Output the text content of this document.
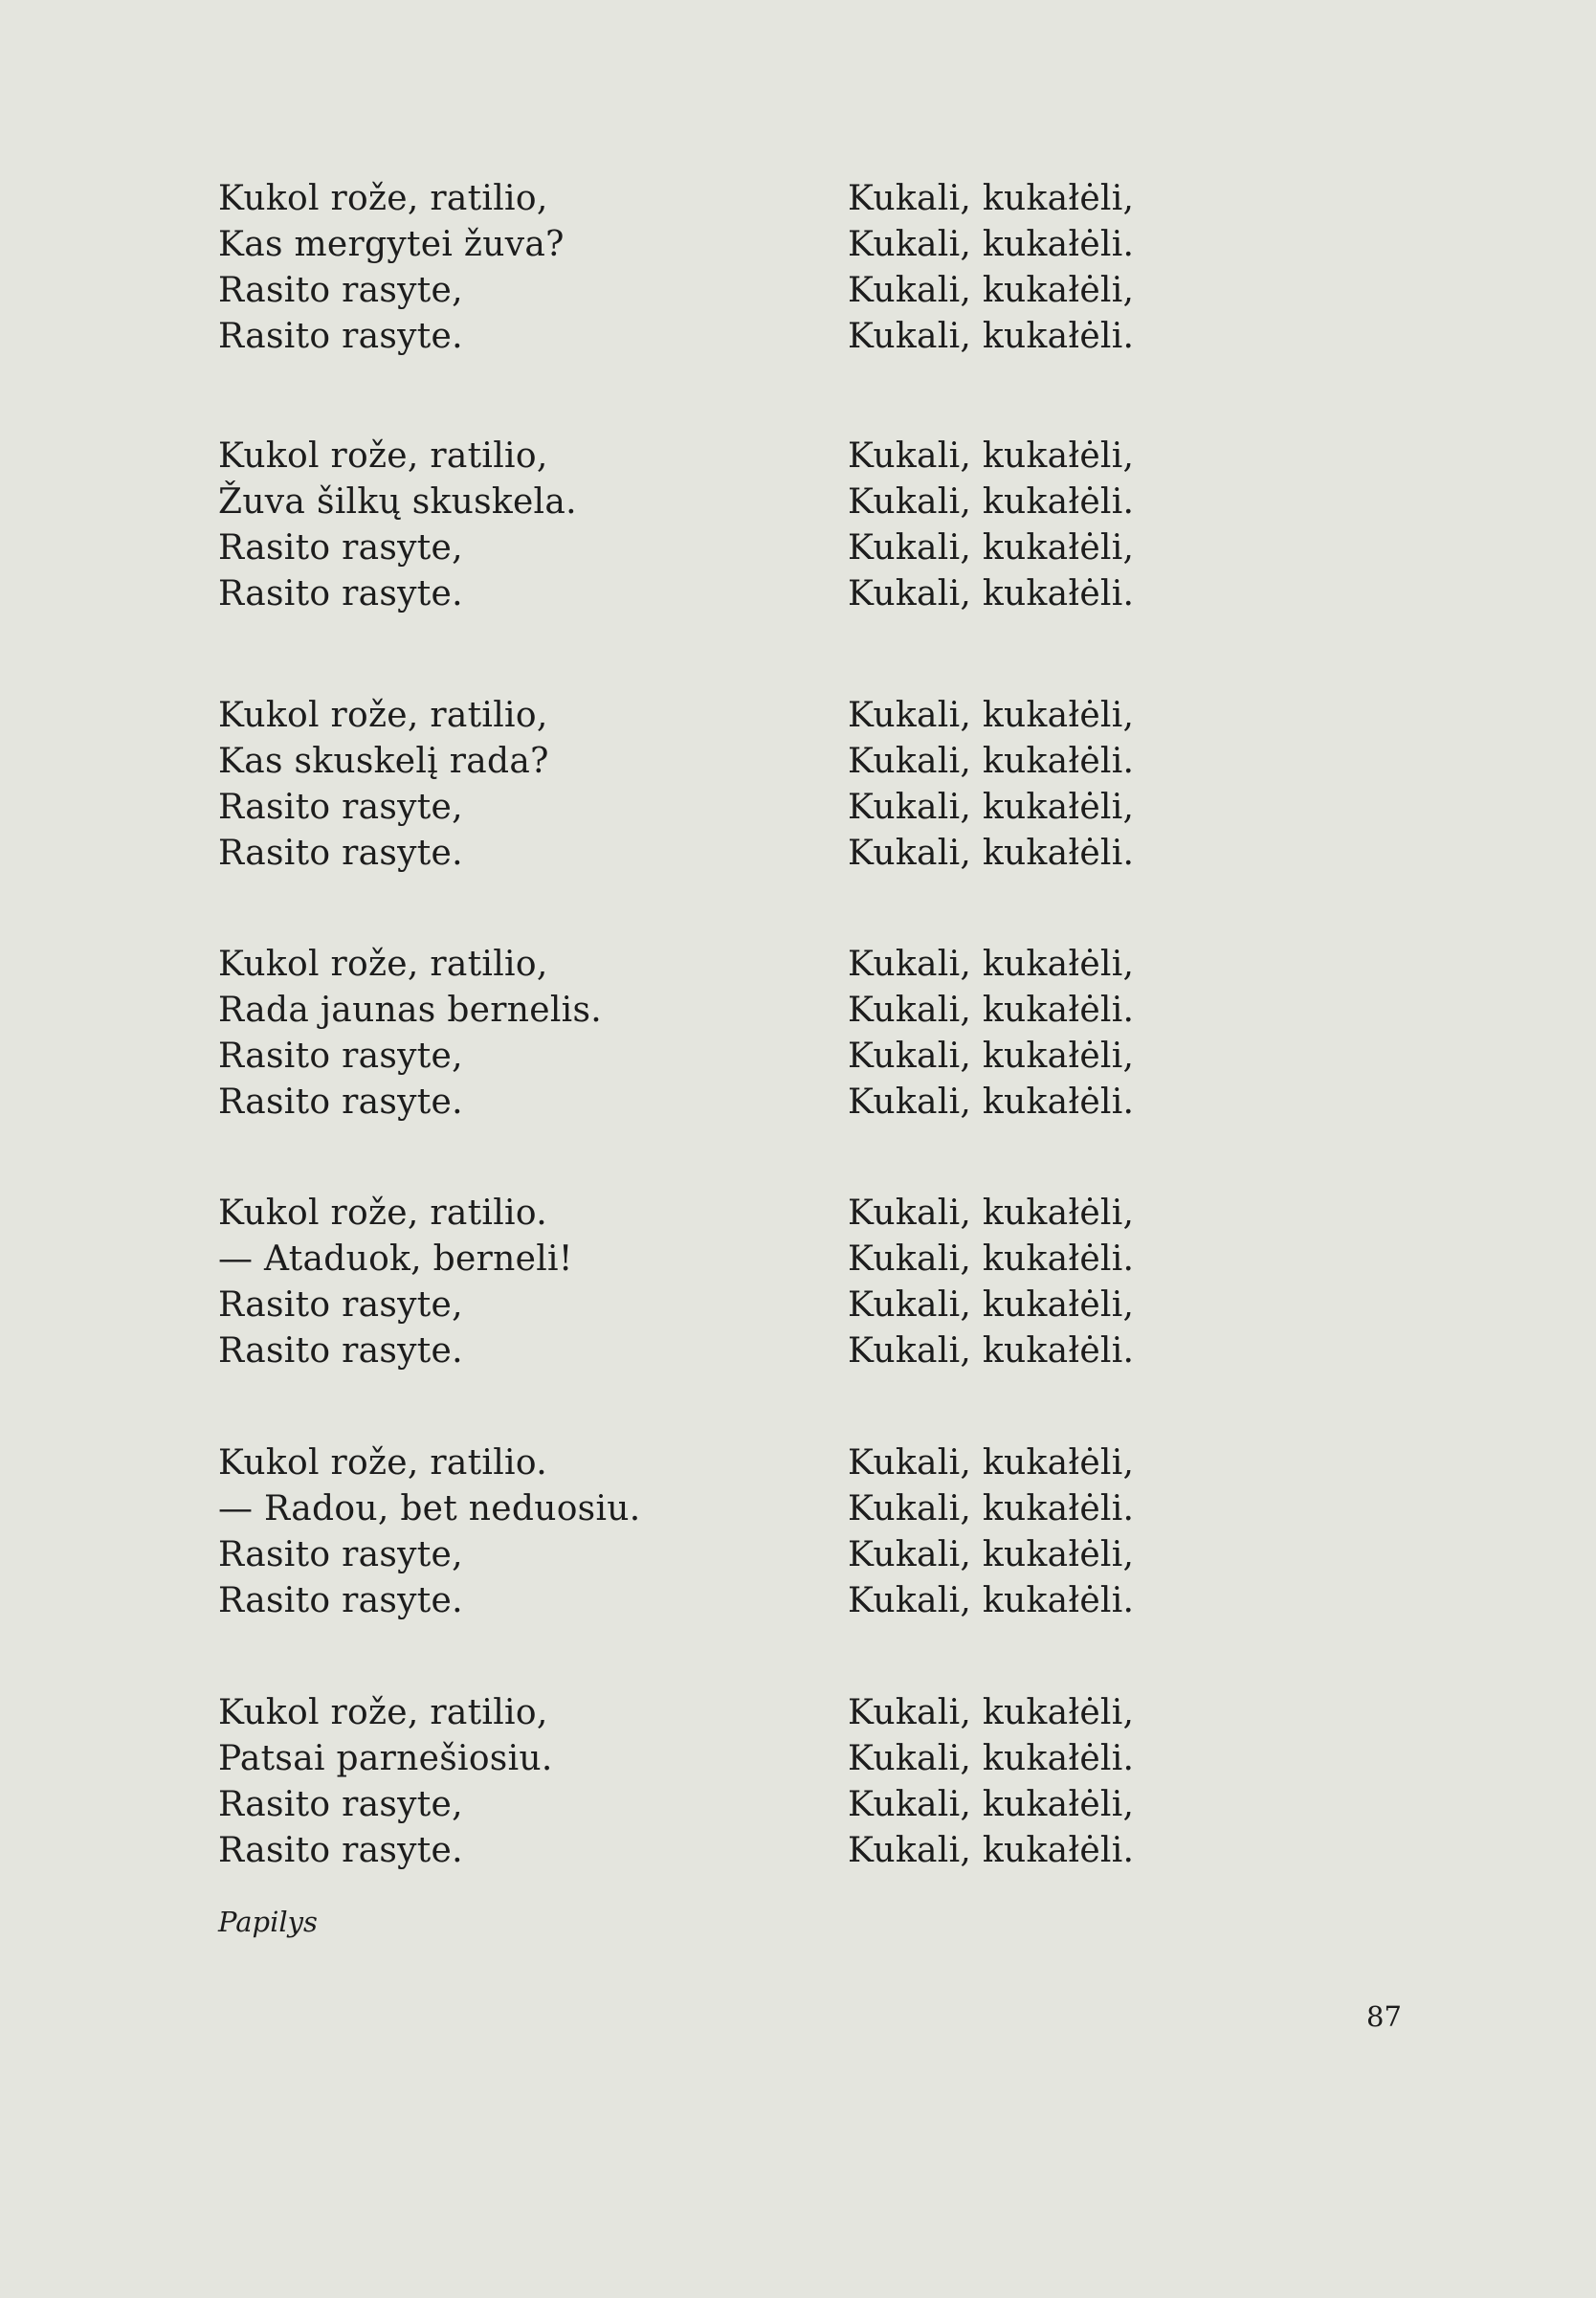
Kukol rože, ratilio,
Kas mergytei žuva?
Rasito rasyte,
Rasito rasyte.
Kukali, kukałėli,
Kukali, kukałėli.
Kukali, kukałėli,
Kukali, kukałėli.
Kukol rože, ratilio,
Žuva šilkų skuskela.
Rasito rasyte,
Rasito rasyte.
Kukali, kukałėli,
Kukali, kukałėli.
Kukali, kukałėli,
Kukali, kukałėli.
Kukol rože, ratilio,
Kas skuskelį rada?
Rasito rasyte,
Rasito rasyte.
Kukali, kukałėli,
Kukali, kukałėli.
Kukali, kukałėli,
Kukali, kukałėli.
Kukol rože, ratilio,
Rada jaunas bernelis.
Rasito rasyte,
Rasito rasyte.
Kukali, kukałėli,
Kukali, kukałėli.
Kukali, kukałėli,
Kukali, kukałėli.
Kukol rože, ratilio.
— Ataduok, berneli!
Rasito rasyte,
Rasito rasyte.
Kukali, kukałėli,
Kukali, kukałėli.
Kukali, kukałėli,
Kukali, kukałėli.
Kukol rože, ratilio.
— Radou, bet neduosiu.
Rasito rasyte,
Rasito rasyte.
Kukali, kukałėli,
Kukali, kukałėli.
Kukali, kukałėli,
Kukali, kukałėli.
Kukol rože, ratilio,
Patsai parnešiosiu.
Rasito rasyte,
Rasito rasyte.
Kukali, kukałėli,
Kukali, kukałėli.
Kukali, kukałėli,
Kukali, kukałėli.
Papilys
87
